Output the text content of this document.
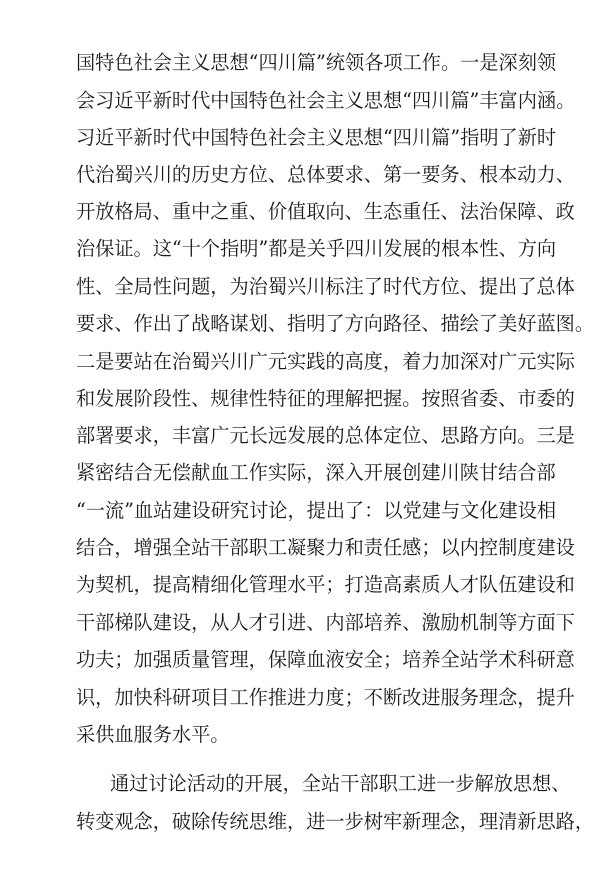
国特色社会主义思想“四川篇”统领各项工作。一是深刻领
会习近平新时代中国特色社会主义思想“四川篇”丰富内涵。
习近平新时代中国特色社会主义思想“四川篇”指明了新时
代治蜀兴川的历史方位、总体要求、第一要务、根本动力、
开放格局、重中之重、价值取向、生态重任、法治保障、政
治保证。这“十个指明”都是关乎四川发展的根本性、方向
性、全局性问题，为治蜀兴川标注了时代方位、提出了总体
要求、作出了战略谋划、指明了方向路径、描绘了美好蓝图。
二是要站在治蜀兴川广元实践的高度，着力加深对广元实际
和发展阶段性、规律性特征的理解把握。按照省委、市委的
部署要求，丰富广元长远发展的总体定位、思路方向。三是
紧密结合无偿献血工作实际，深入开展创建川陕甘结合部
“一流”血站建设研究讨论，提出了：以党建与文化建设相
结合，增强全站干部职工凝聚力和责任感；以内控制度建设
为契机，提高精细化管理水平；打造高素质人才队伍建设和
干部梯队建设，从人才引进、内部培养、激励机制等方面下
功夫；加强质量管理，保障血液安全；培养全站学术科研意
识，加快科研项目工作推进力度；不断改进服务理念，提升
采供血服务水平。
通过讨论活动的开展，全站干部职工进一步解放思想、
转变观念，破除传统思维，进一步树牢新理念，理清新思路，
